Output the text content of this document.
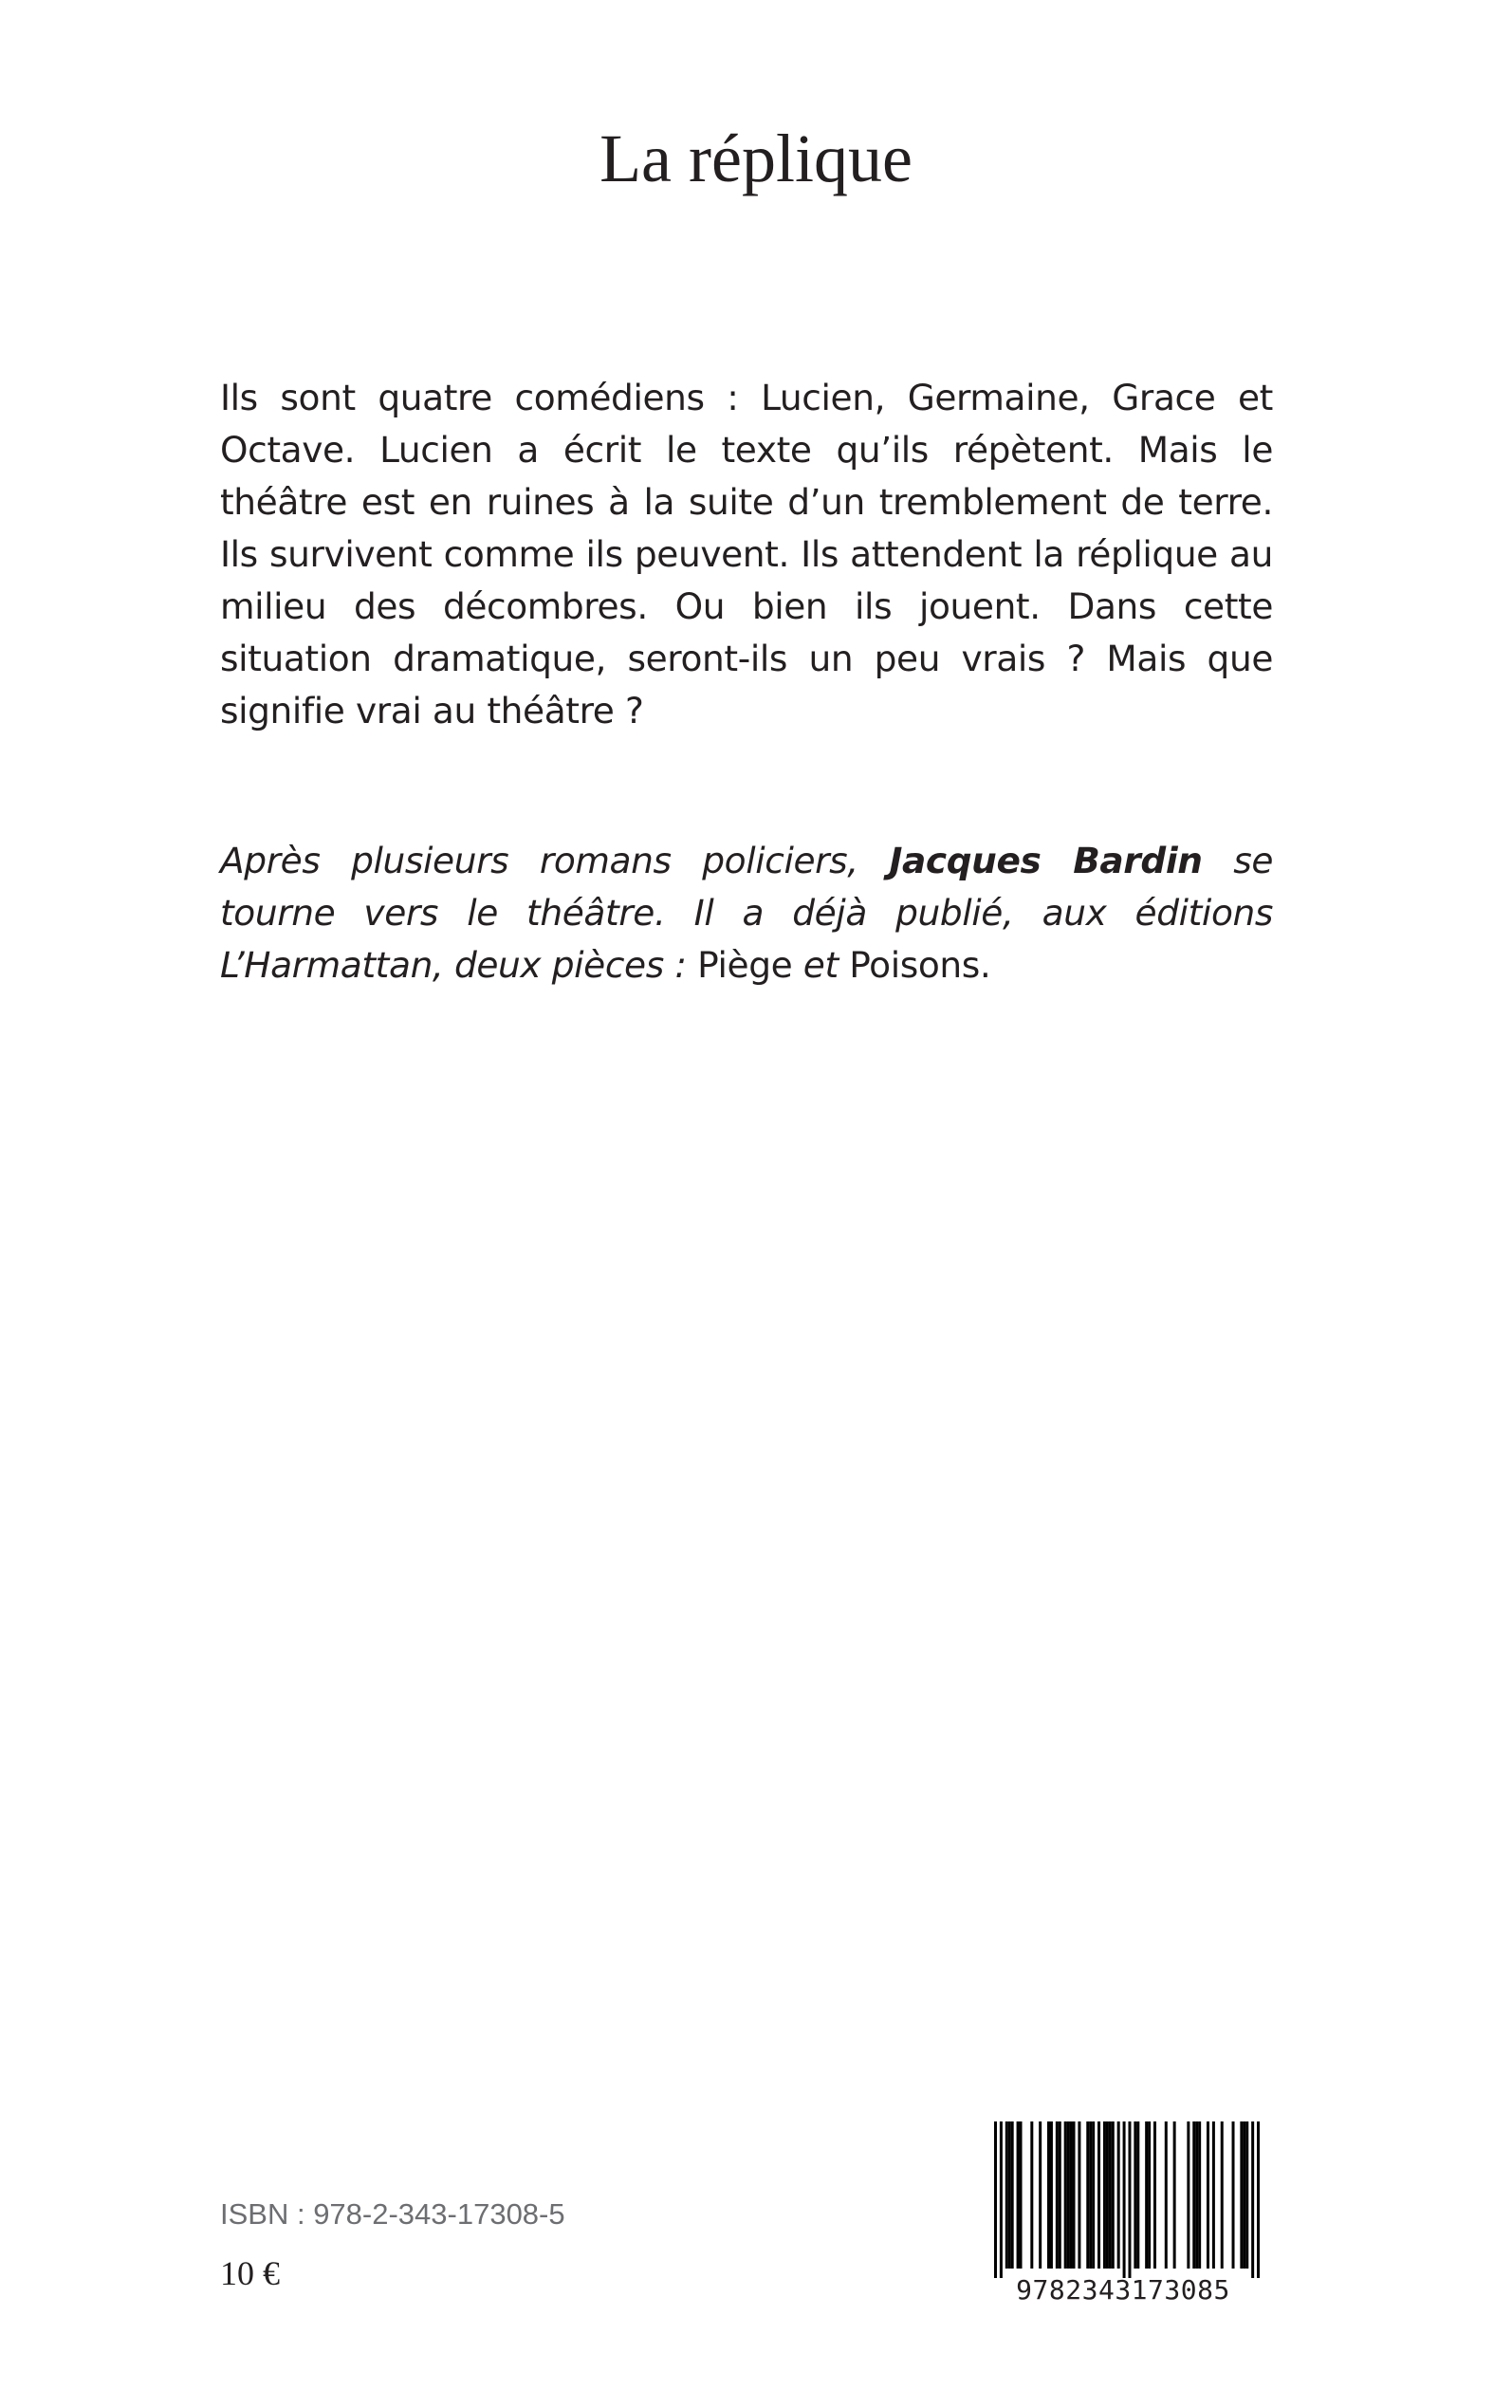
La réplique

Ils sont quatre comédiens : Lucien, Germaine, Grace et Octave. Lucien a écrit le texte qu’ils répètent. Mais le théâtre est en ruines à la suite d’un tremblement de terre. Ils survivent comme ils peuvent. Ils attendent la réplique au milieu des décombres. Ou bien ils jouent. Dans cette situation dramatique, seront-ils un peu vrais ? Mais que signifie vrai au théâtre ?

Après plusieurs romans policiers, Jacques Bardin se tourne vers le théâtre. Il a déjà publié, aux éditions L’Harmattan, deux pièces : Piège et Poisons.

ISBN : 978-2-343-17308-5

10 €	9782343173085
